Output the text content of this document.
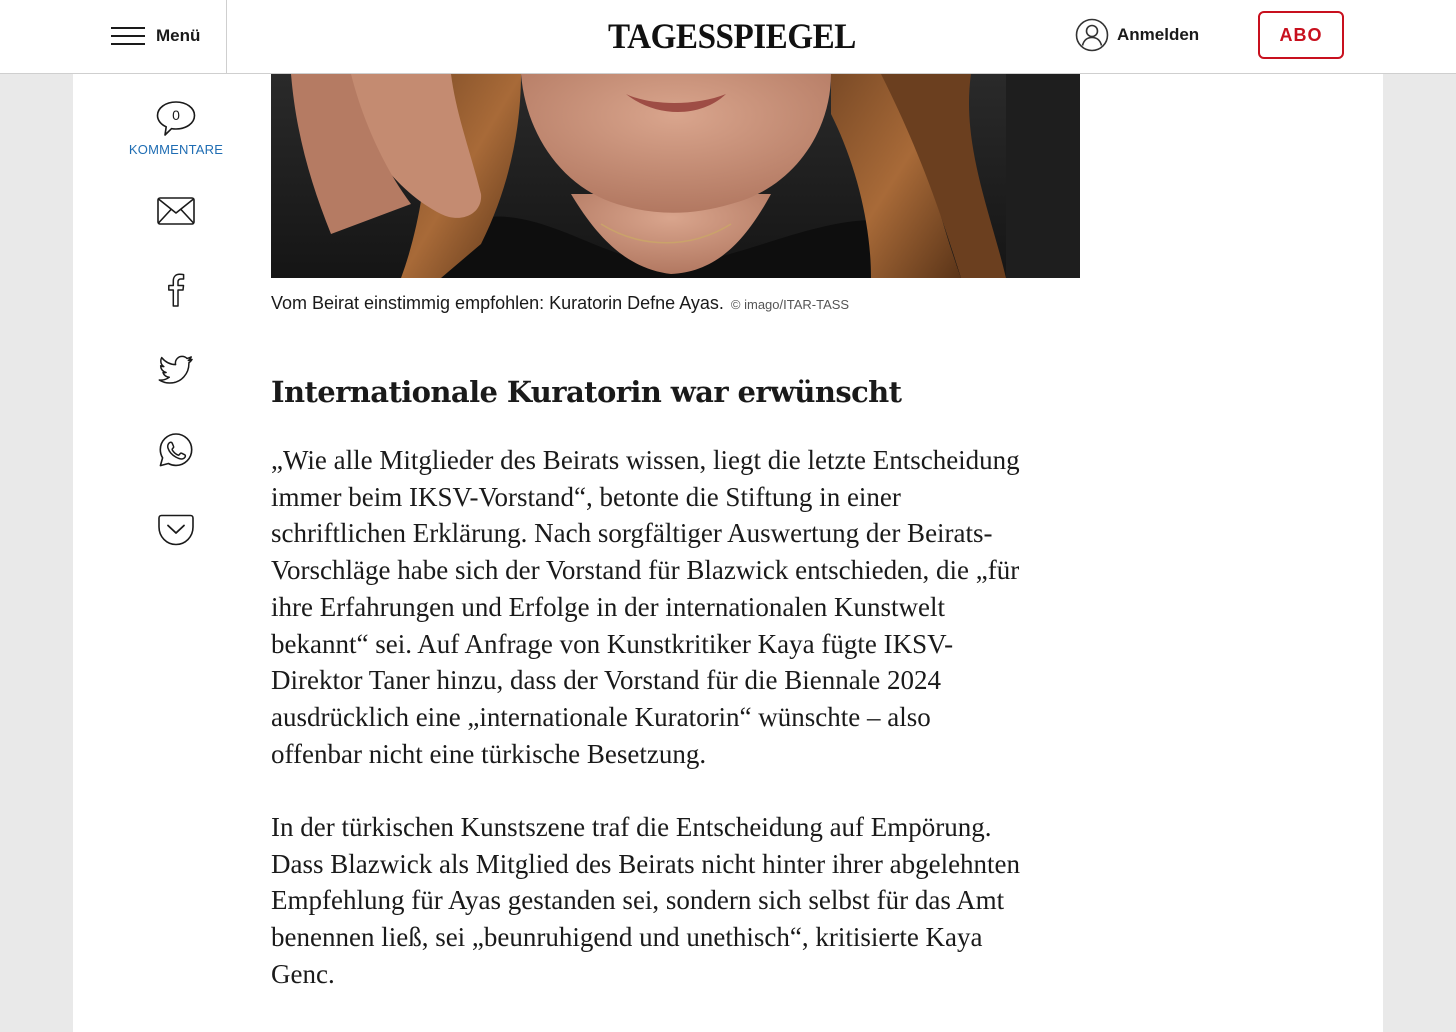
Menü	TAGESSPIEGEL	Anmelden	ABO
0
KOMMENTARE
Vom Beirat einstimmig empfohlen: Kuratorin Defne Ayas. © imago/ITAR-TASS
Internationale Kuratorin war erwünscht

„Wie alle Mitglieder des Beirats wissen, liegt die letzte Entscheidung
immer beim IKSV-Vorstand“, betonte die Stiftung in einer
schriftlichen Erklärung. Nach sorgfältiger Auswertung der Beirats-
Vorschläge habe sich der Vorstand für Blazwick entschieden, die „für
ihre Erfahrungen und Erfolge in der internationalen Kunstwelt
bekannt“ sei. Auf Anfrage von Kunstkritiker Kaya fügte IKSV-
Direktor Taner hinzu, dass der Vorstand für die Biennale 2024
ausdrücklich eine „internationale Kuratorin“ wünschte – also
offenbar nicht eine türkische Besetzung.

In der türkischen Kunstszene traf die Entscheidung auf Empörung.
Dass Blazwick als Mitglied des Beirats nicht hinter ihrer abgelehnten
Empfehlung für Ayas gestanden sei, sondern sich selbst für das Amt
benennen ließ, sei „beunruhigend und unethisch“, kritisierte Kaya
Genc.
